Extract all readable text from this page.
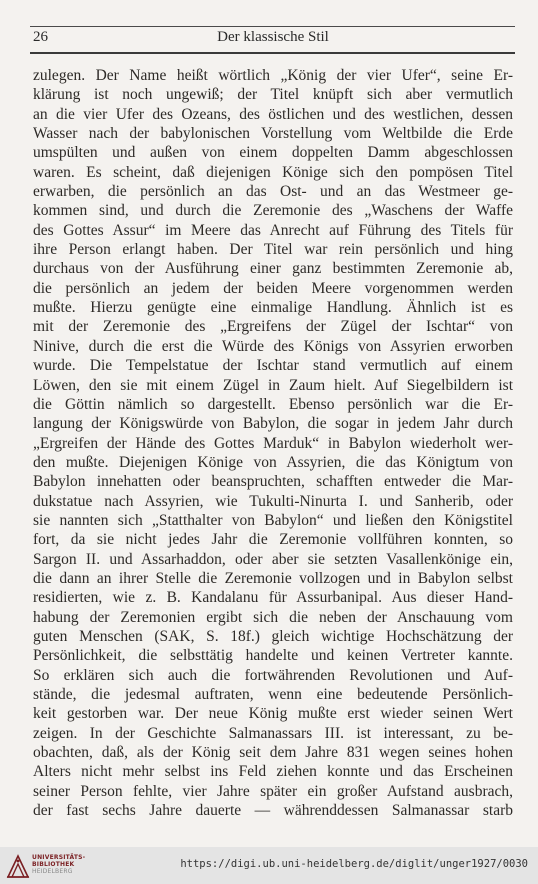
26	Der klassische Stil
zulegen. Der Name heißt wörtlich „König der vier Ufer“, seine Er-
klärung ist noch ungewiß; der Titel knüpft sich aber vermutlich
an die vier Ufer des Ozeans, des östlichen und des westlichen, dessen
Wasser nach der babylonischen Vorstellung vom Weltbilde die Erde
umspülten und außen von einem doppelten Damm abgeschlossen
waren. Es scheint, daß diejenigen Könige sich den pompösen Titel
erwarben, die persönlich an das Ost- und an das Westmeer ge-
kommen sind, und durch die Zeremonie des „Waschens der Waffe
des Gottes Assur“ im Meere das Anrecht auf Führung des Titels für
ihre Person erlangt haben. Der Titel war rein persönlich und hing
durchaus von der Ausführung einer ganz bestimmten Zeremonie ab,
die persönlich an jedem der beiden Meere vorgenommen werden
mußte. Hierzu genügte eine einmalige Handlung. Ähnlich ist es
mit der Zeremonie des „Ergreifens der Zügel der Ischtar“ von
Ninive, durch die erst die Würde des Königs von Assyrien erworben
wurde. Die Tempelstatue der Ischtar stand vermutlich auf einem
Löwen, den sie mit einem Zügel in Zaum hielt. Auf Siegelbildern ist
die Göttin nämlich so dargestellt. Ebenso persönlich war die Er-
langung der Königswürde von Babylon, die sogar in jedem Jahr durch
„Ergreifen der Hände des Gottes Marduk“ in Babylon wiederholt wer-
den mußte. Diejenigen Könige von Assyrien, die das Königtum von
Babylon innehatten oder beanspruchten, schafften entweder die Mar-
dukstatue nach Assyrien, wie Tukulti-Ninurta I. und Sanherib, oder
sie nannten sich „Statthalter von Babylon“ und ließen den Königstitel
fort, da sie nicht jedes Jahr die Zeremonie vollführen konnten, so
Sargon II. und Assarhaddon, oder aber sie setzten Vasallenkönige ein,
die dann an ihrer Stelle die Zeremonie vollzogen und in Babylon selbst
residierten, wie z. B. Kandalanu für Assurbanipal. Aus dieser Hand-
habung der Zeremonien ergibt sich die neben der Anschauung vom
guten Menschen (SAK, S. 18f.) gleich wichtige Hochschätzung der
Persönlichkeit, die selbsttätig handelte und keinen Vertreter kannte.
So erklären sich auch die fortwährenden Revolutionen und Auf-
stände, die jedesmal auftraten, wenn eine bedeutende Persönlich-
keit gestorben war. Der neue König mußte erst wieder seinen Wert
zeigen. In der Geschichte Salmanassars III. ist interessant, zu be-
obachten, daß, als der König seit dem Jahre 831 wegen seines hohen
Alters nicht mehr selbst ins Feld ziehen konnte und das Erscheinen
seiner Person fehlte, vier Jahre später ein großer Aufstand ausbrach,
der fast sechs Jahre dauerte — währenddessen Salmanassar starb
UNIVERSITÄTS-
BIBLIOTHEK
HEIDELBERG
https://digi.ub.uni-heidelberg.de/diglit/unger1927/0030
